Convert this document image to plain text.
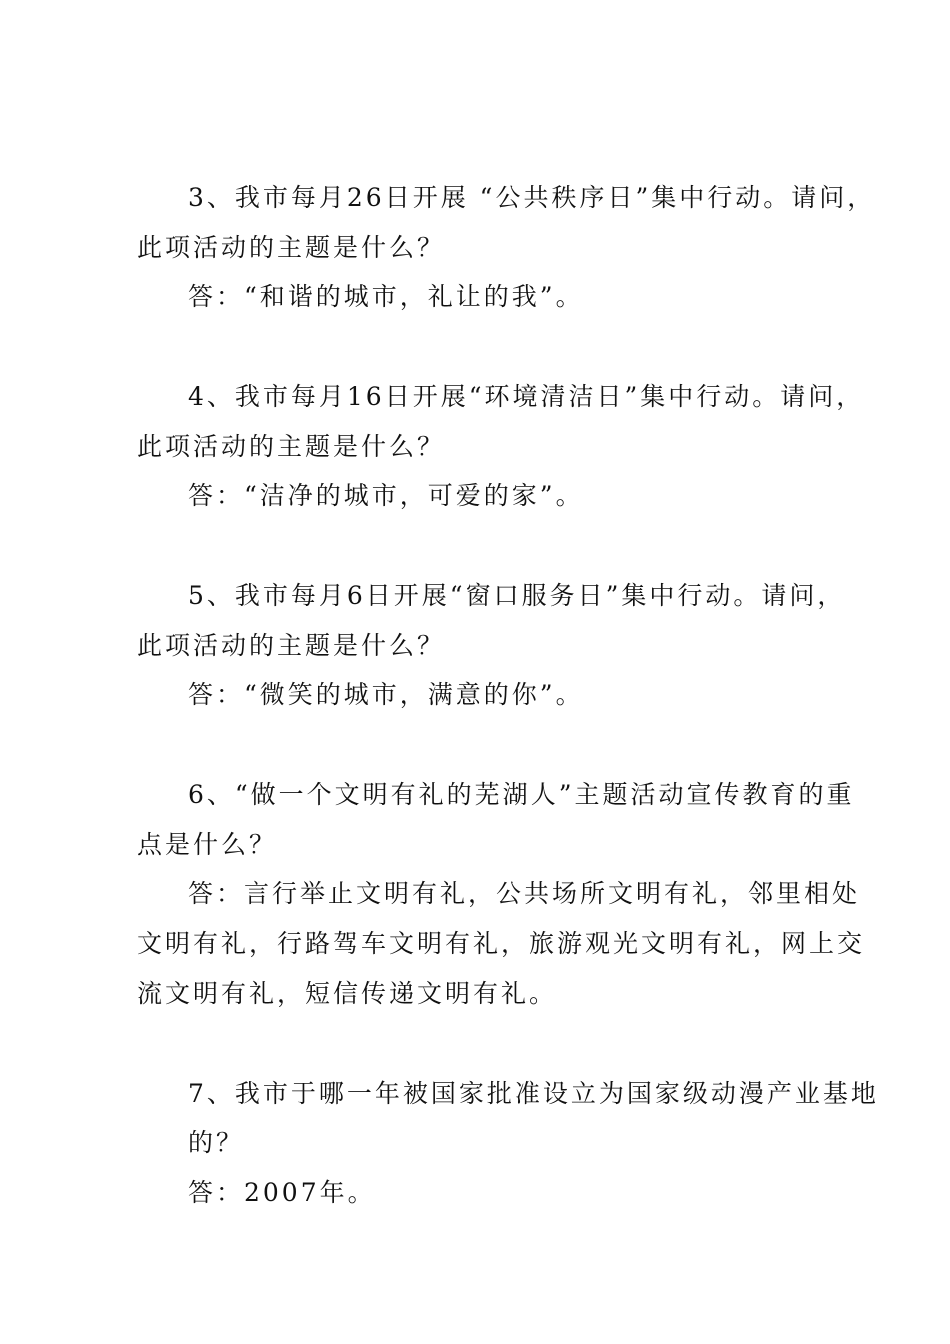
3、我市每月26日开展 “公共秩序日”集中行动。请问，
此项活动的主题是什么？
答：“和谐的城市，礼让的我”。
4、我市每月16日开展“环境清洁日”集中行动。请问，
此项活动的主题是什么？
答：“洁净的城市，可爱的家”。
5、我市每月6日开展“窗口服务日”集中行动。请问，
此项活动的主题是什么？
答：“微笑的城市，满意的你”。
6、“做一个文明有礼的芜湖人”主题活动宣传教育的重
点是什么？
答：言行举止文明有礼，公共场所文明有礼，邻里相处
文明有礼，行路驾车文明有礼，旅游观光文明有礼，网上交
流文明有礼，短信传递文明有礼。
7、我市于哪一年被国家批准设立为国家级动漫产业基地
的？
答：2007年。
